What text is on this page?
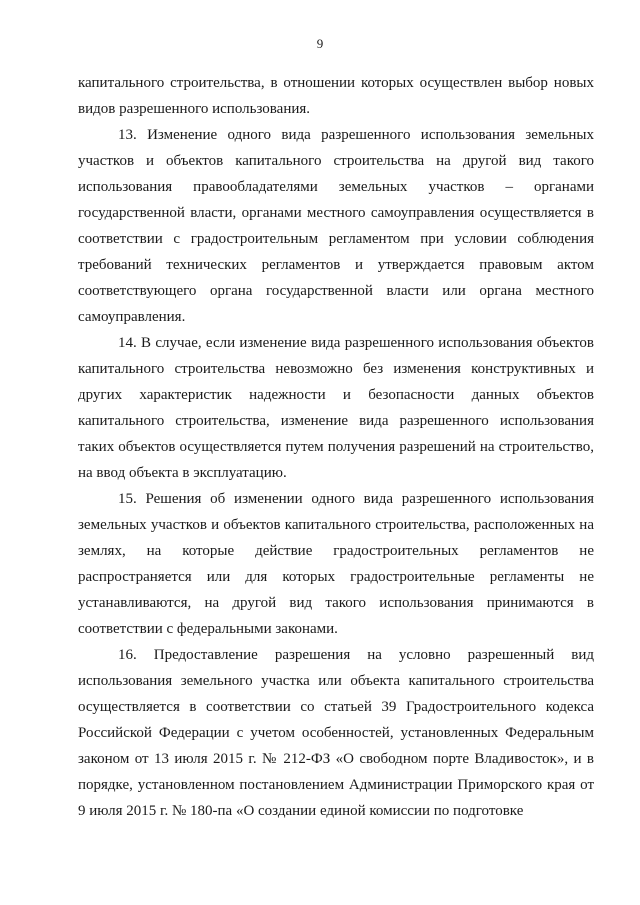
9

капитального строительства, в отношении которых осуществлен выбор новых видов разрешенного использования.

13. Изменение одного вида разрешенного использования земельных участков и объектов капитального строительства на другой вид такого использования правообладателями земельных участков – органами государственной власти, органами местного самоуправления осуществляется в соответствии с градостроительным регламентом при условии соблюдения требований технических регламентов и утверждается правовым актом соответствующего органа государственной власти или органа местного самоуправления.

14. В случае, если изменение вида разрешенного использования объектов капитального строительства невозможно без изменения конструктивных и других характеристик надежности и безопасности данных объектов капитального строительства, изменение вида разрешенного использования таких объектов осуществляется путем получения разрешений на строительство, на ввод объекта в эксплуатацию.

15. Решения об изменении одного вида разрешенного использования земельных участков и объектов капитального строительства, расположенных на землях, на которые действие градостроительных регламентов не распространяется или для которых градостроительные регламенты не устанавливаются, на другой вид такого использования принимаются в соответствии с федеральными законами.

16. Предоставление разрешения на условно разрешенный вид использования земельного участка или объекта капитального строительства осуществляется в соответствии со статьей 39 Градостроительного кодекса Российской Федерации с учетом особенностей, установленных Федеральным законом от 13 июля 2015 г. № 212-ФЗ «О свободном порте Владивосток», и в порядке, установленном постановлением Администрации Приморского края от 9 июля 2015 г. № 180-па «О создании единой комиссии по подготовке
